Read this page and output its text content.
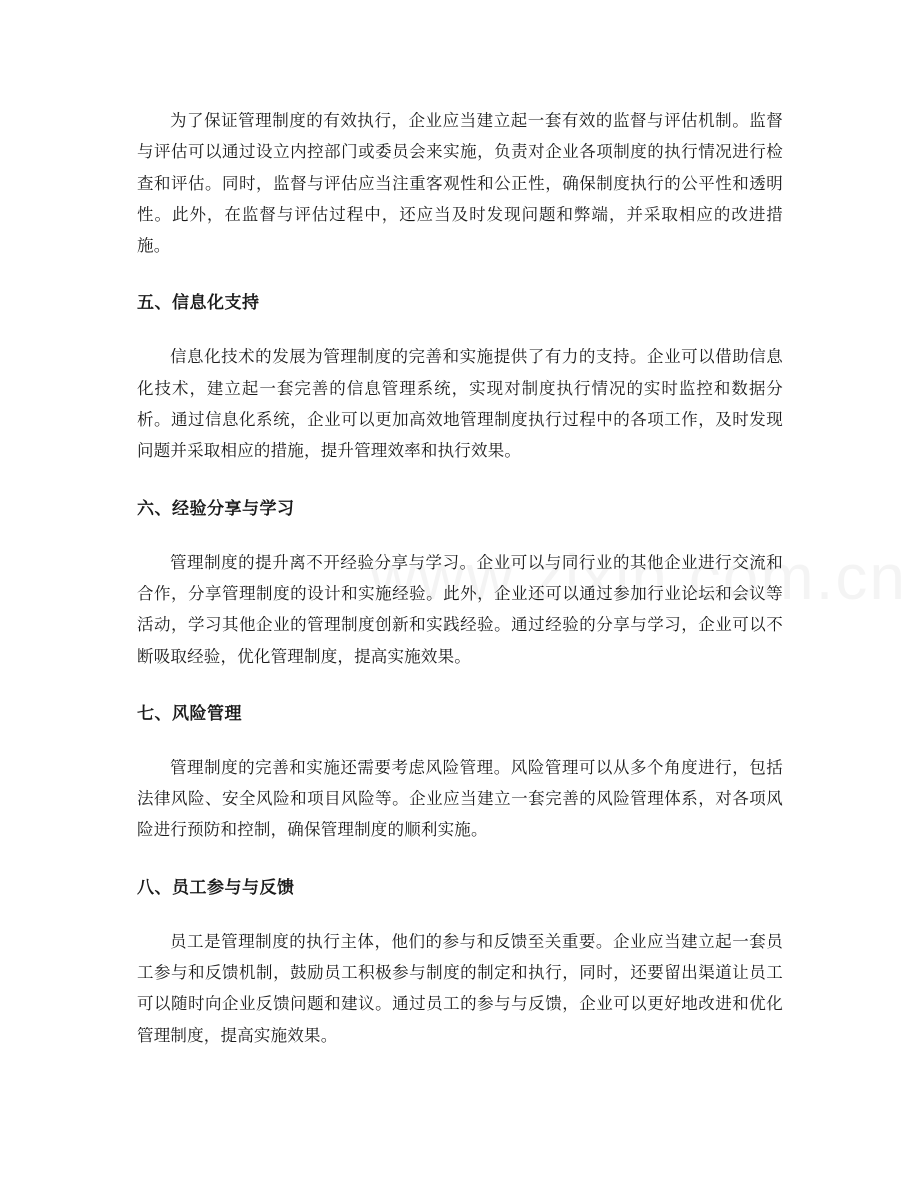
为了保证管理制度的有效执行，企业应当建立起一套有效的监督与评估机制。监督与评估可以通过设立内控部门或委员会来实施，负责对企业各项制度的执行情况进行检查和评估。同时，监督与评估应当注重客观性和公正性，确保制度执行的公平性和透明性。此外，在监督与评估过程中，还应当及时发现问题和弊端，并采取相应的改进措施。

五、信息化支持

信息化技术的发展为管理制度的完善和实施提供了有力的支持。企业可以借助信息化技术，建立起一套完善的信息管理系统，实现对制度执行情况的实时监控和数据分析。通过信息化系统，企业可以更加高效地管理制度执行过程中的各项工作，及时发现问题并采取相应的措施，提升管理效率和执行效果。

六、经验分享与学习

管理制度的提升离不开经验分享与学习。企业可以与同行业的其他企业进行交流和合作，分享管理制度的设计和实施经验。此外，企业还可以通过参加行业论坛和会议等活动，学习其他企业的管理制度创新和实践经验。通过经验的分享与学习，企业可以不断吸取经验，优化管理制度，提高实施效果。

七、风险管理

管理制度的完善和实施还需要考虑风险管理。风险管理可以从多个角度进行，包括法律风险、安全风险和项目风险等。企业应当建立一套完善的风险管理体系，对各项风险进行预防和控制，确保管理制度的顺利实施。

八、员工参与与反馈

员工是管理制度的执行主体，他们的参与和反馈至关重要。企业应当建立起一套员工参与和反馈机制，鼓励员工积极参与制度的制定和执行，同时，还要留出渠道让员工可以随时向企业反馈问题和建议。通过员工的参与与反馈，企业可以更好地改进和优化管理制度，提高实施效果。
